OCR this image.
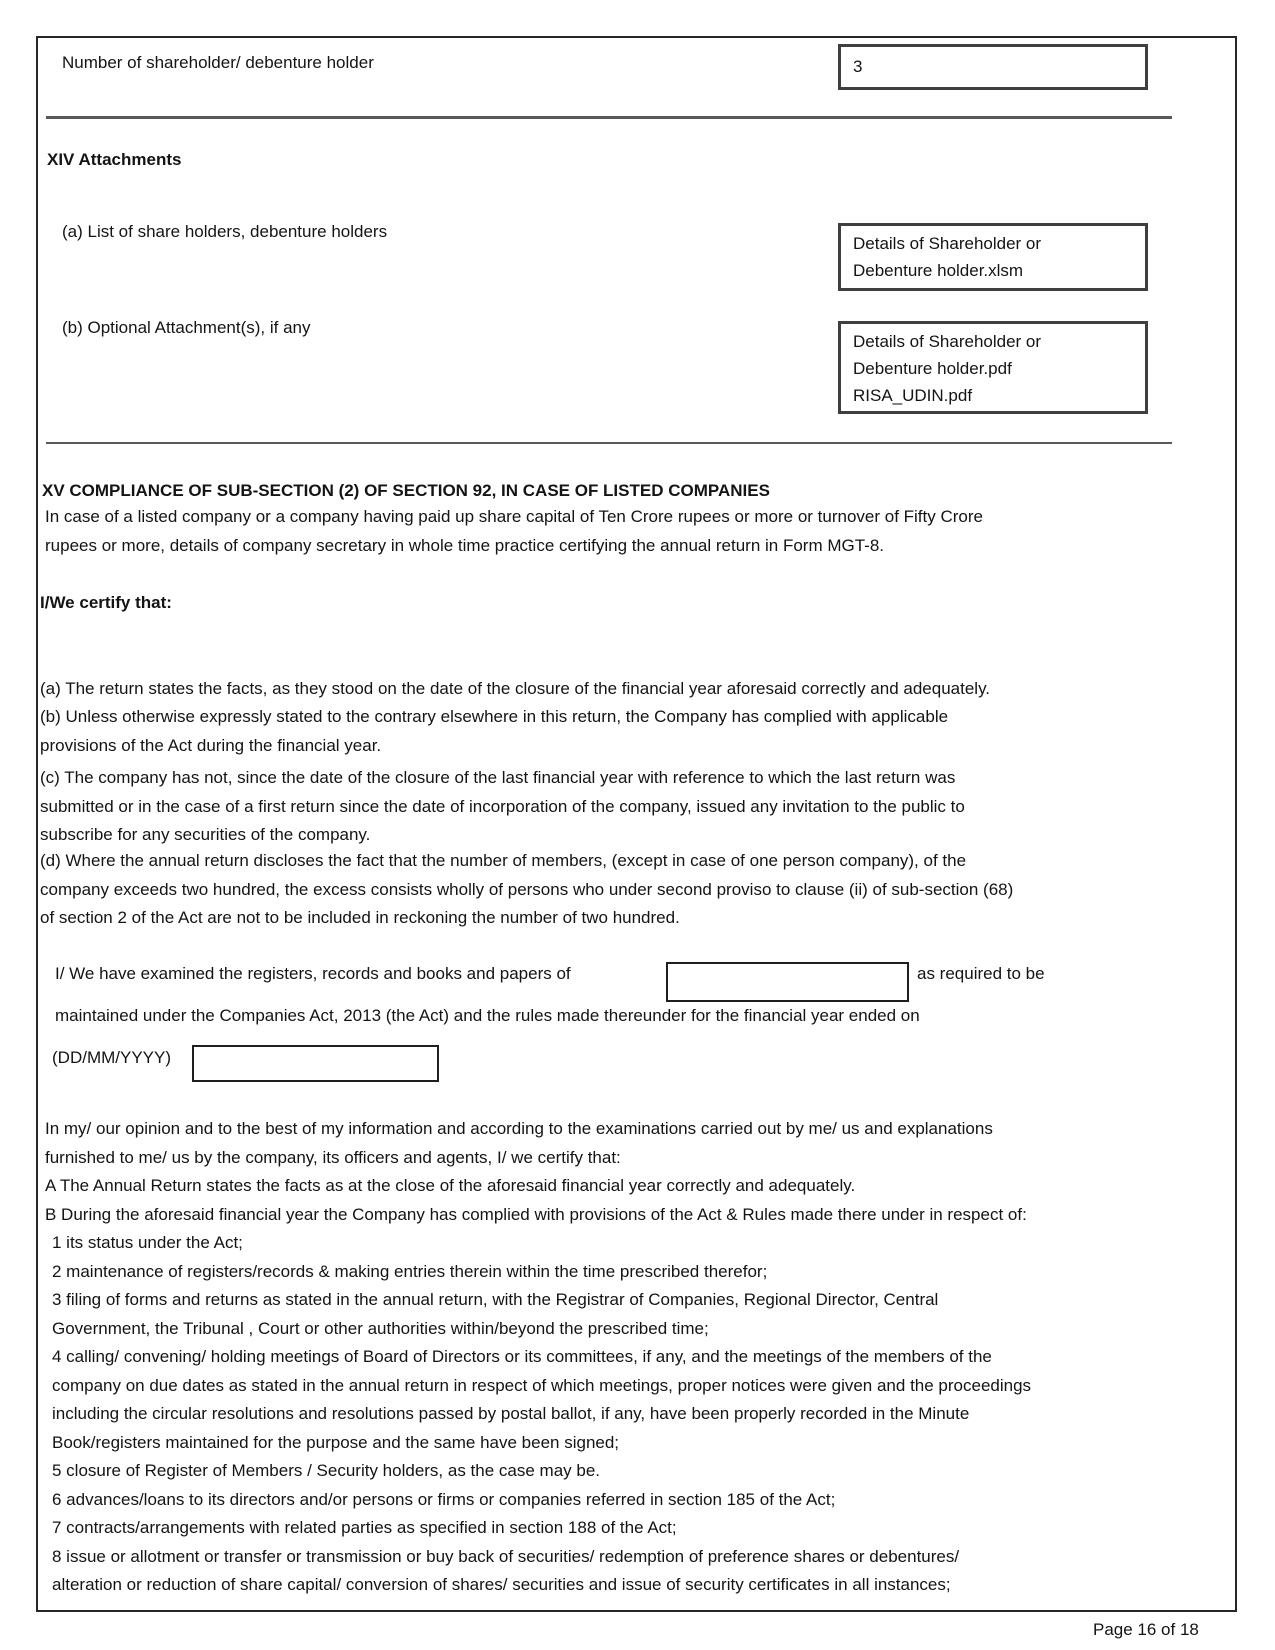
Number of shareholder/ debenture holder	3
XIV Attachments
(a) List of share holders, debenture holders
Details of Shareholder or
Debenture holder.xlsm
(b) Optional Attachment(s), if any
Details of Shareholder or
Debenture holder.pdf
RISA_UDIN.pdf
XV COMPLIANCE OF SUB-SECTION (2) OF SECTION 92, IN CASE OF LISTED COMPANIES
In case of a listed company or a company having paid up share capital of Ten Crore rupees or more or turnover of Fifty Crore
rupees or more, details of company secretary in whole time practice certifying the annual return in Form MGT-8.
I/We certify that:
(a) The return states the facts, as they stood on the date of the closure of the financial year aforesaid correctly and adequately.
(b) Unless otherwise expressly stated to the contrary elsewhere in this return, the Company has complied with applicable
provisions of the Act during the financial year.
(c) The company has not, since the date of the closure of the last financial year with reference to which the last return was
submitted or in the case of a first return since the date of incorporation of the company, issued any invitation to the public to
subscribe for any securities of the company.
(d) Where the annual return discloses the fact that the number of members, (except in case of one person company), of the
company exceeds two hundred, the excess consists wholly of persons who under second proviso to clause (ii) of sub-section (68)
of section 2 of the Act are not to be included in reckoning the number of two hundred.
I/ We have examined the registers, records and books and papers of	as required to be
maintained under the Companies Act, 2013 (the Act) and the rules made thereunder for the financial year ended on
(DD/MM/YYYY)
In my/ our opinion and to the best of my information and according to the examinations carried out by me/ us and explanations
furnished to me/ us by the company, its officers and agents, I/ we certify that:
A The Annual Return states the facts as at the close of the aforesaid financial year correctly and adequately.
B During the aforesaid financial year the Company has complied with provisions of the Act & Rules made there under in respect of:
1 its status under the Act;
2 maintenance of registers/records & making entries therein within the time prescribed therefor;
3 filing of forms and returns as stated in the annual return, with the Registrar of Companies, Regional Director, Central
Government, the Tribunal , Court or other authorities within/beyond the prescribed time;
4 calling/ convening/ holding meetings of Board of Directors or its committees, if any, and the meetings of the members of the
company on due dates as stated in the annual return in respect of which meetings, proper notices were given and the proceedings
including the circular resolutions and resolutions passed by postal ballot, if any, have been properly recorded in the Minute
Book/registers maintained for the purpose and the same have been signed;
5 closure of Register of Members / Security holders, as the case may be.
6 advances/loans to its directors and/or persons or firms or companies referred in section 185 of the Act;
7 contracts/arrangements with related parties as specified in section 188 of the Act;
8 issue or allotment or transfer or transmission or buy back of securities/ redemption of preference shares or debentures/
alteration or reduction of share capital/ conversion of shares/ securities and issue of security certificates in all instances;
Page 16 of 18
